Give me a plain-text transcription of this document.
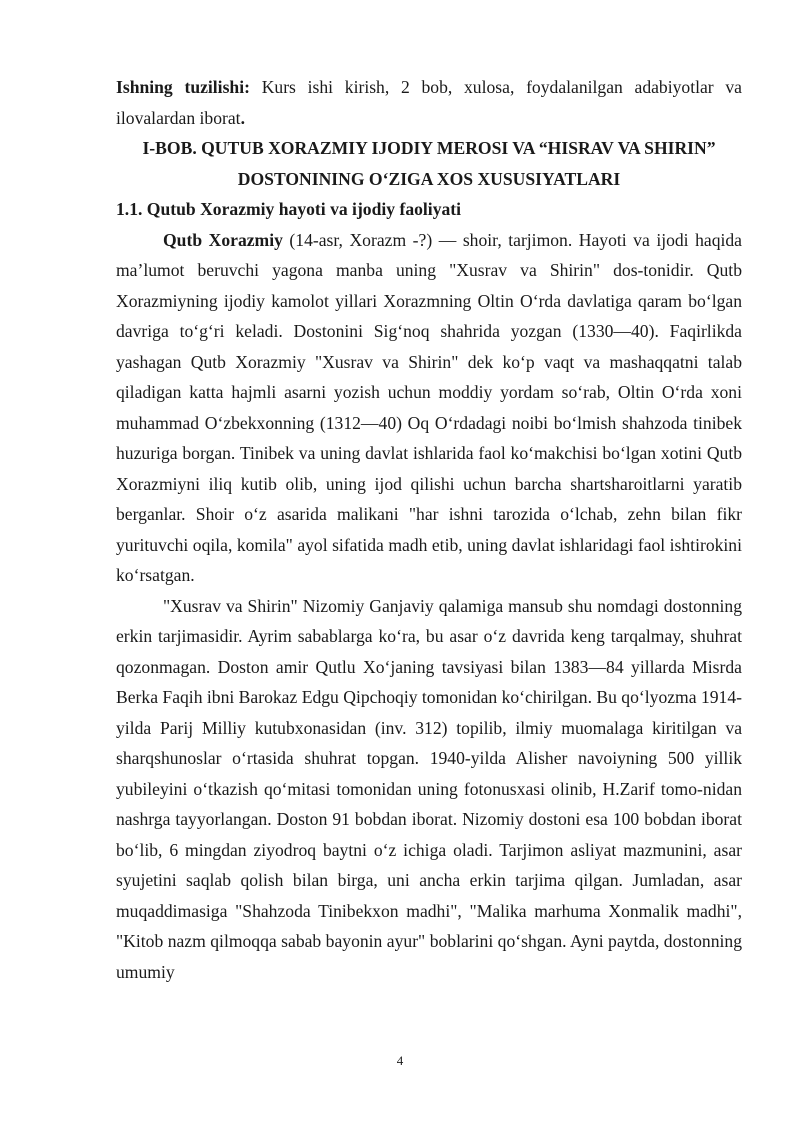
Ishning tuzilishi: Kurs ishi kirish, 2 bob, xulosa, foydalanilgan adabiyotlar va ilovalardan iborat.

I-BOB. QUTUB XORAZMIY IJODIY MEROSI VA “HISRAV VA SHIRIN” DOSTONINING O‘ZIGA XOS XUSUSIYATLARI
1.1. Qutub Xorazmiy hayoti va ijodiy faoliyati

Qutb Xorazmiy (14-asr, Xorazm -?) — shoir, tarjimon. Hayoti va ijodi haqida ma’lumot beruvchi yagona manba uning "Xusrav va Shirin" dos-tonidir. Qutb Xorazmiyning ijodiy kamolot yillari Xorazmning Oltin O‘rda davlatiga qaram bo‘lgan davriga to‘g‘ri keladi. Dostonini Sig‘noq shahrida yozgan (1330—40). Faqirlikda yashagan Qutb Xorazmiy "Xusrav va Shirin" dek ko‘p vaqt va mashaqqatni talab qiladigan katta hajmli asarni yozish uchun moddiy yordam so‘rab, Oltin O‘rda xoni muhammad O‘zbekxonning (1312—40) Oq O‘rdadagi noibi bo‘lmish shahzoda tinibek huzuriga borgan. Tinibek va uning davlat ishlarida faol ko‘makchisi bo‘lgan xotini Qutb Xorazmiyni iliq kutib olib, uning ijod qilishi uchun barcha shartsharoitlarni yaratib berganlar. Shoir o‘z asarida malikani "har ishni tarozida o‘lchab, zehn bilan fikr yurituvchi oqila, komila" ayol sifatida madh etib, uning davlat ishlaridagi faol ishtirokini ko‘rsatgan.

"Xusrav va Shirin" Nizomiy Ganjaviy qalamiga mansub shu nomdagi dostonning erkin tarjimasidir. Ayrim sabablarga ko‘ra, bu asar o‘z davrida keng tarqalmay, shuhrat qozonmagan. Doston amir Qutlu Xo‘janing tavsiyasi bilan 1383—84 yillarda Misrda Berka Faqih ibni Barokaz Edgu Qipchoqiy tomonidan ko‘chirilgan. Bu qo‘lyozma 1914-yilda Parij Milliy kutubxonasidan (inv. 312) topilib, ilmiy muomalaga kiritilgan va sharqshunoslar o‘rtasida shuhrat topgan. 1940-yilda Alisher navoiyning 500 yillik yubileyini o‘tkazish qo‘mitasi tomonidan uning fotonusxasi olinib, H.Zarif tomo-nidan nashrga tayyorlangan. Doston 91 bobdan iborat. Nizomiy dostoni esa 100 bobdan iborat bo‘lib, 6 mingdan ziyodroq baytni o‘z ichiga oladi. Tarjimon asliyat mazmunini, asar syujetini saqlab qolish bilan birga, uni ancha erkin tarjima qilgan. Jumladan, asar muqaddimasiga "Shahzoda Tinibekxon madhi", "Malika marhuma Xonmalik madhi", "Kitob nazm qilmoqqa sabab bayonin ayur" boblarini qo‘shgan. Ayni paytda, dostonning umumiy

4
